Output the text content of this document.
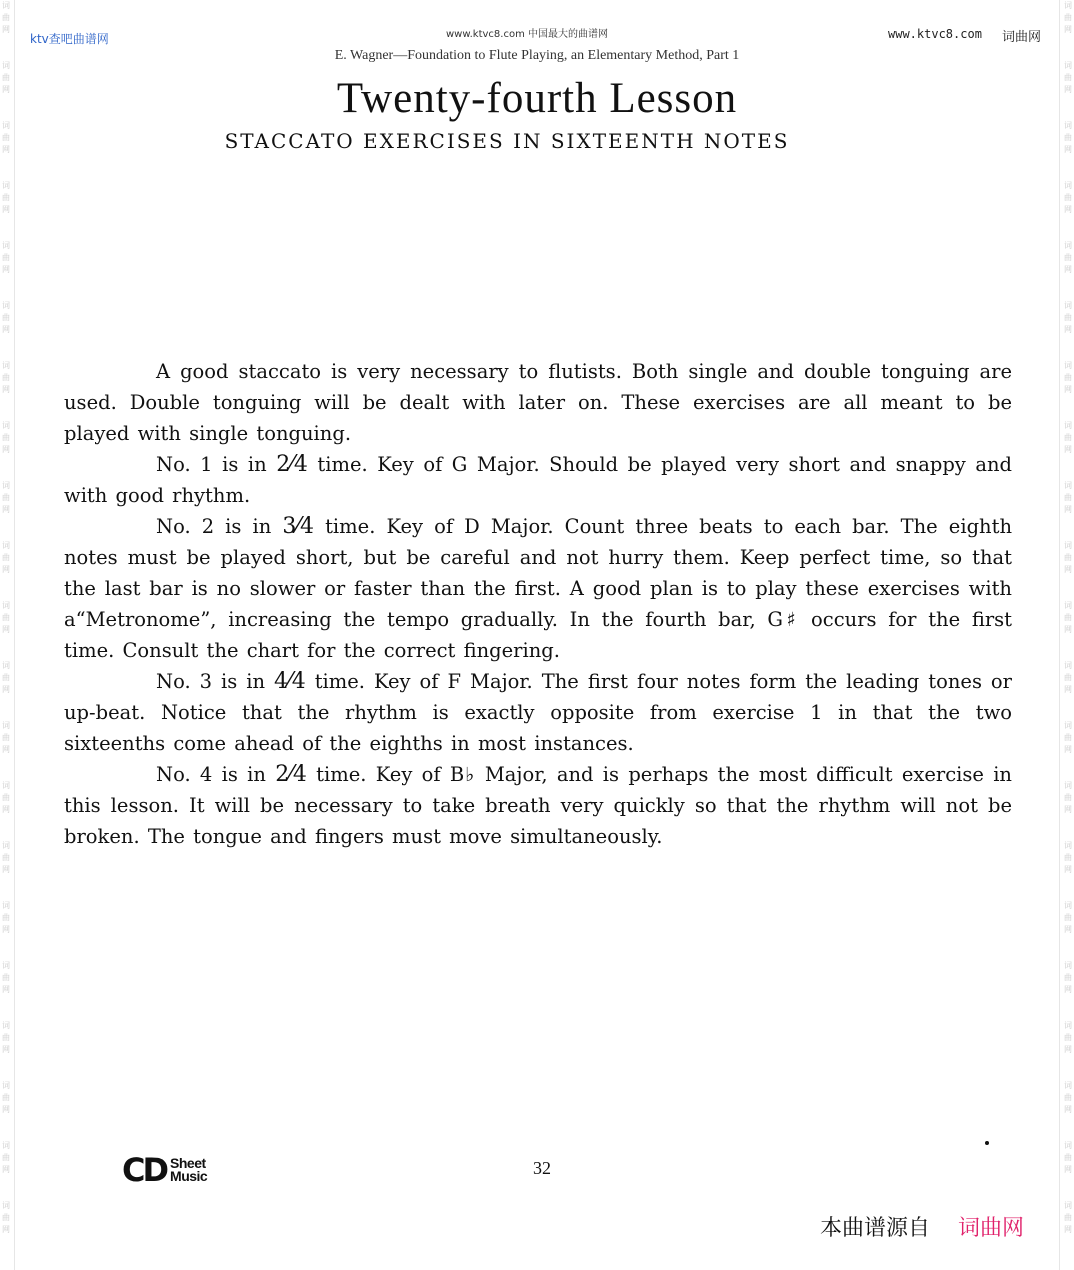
词
曲
网
词
曲
网
词
曲
网
词
曲
网
词
曲
网
词
曲
网
词
曲
网
词
曲
网
词
曲
网
词
曲
网
词
曲
网
词
曲
网
词
曲
网
词
曲
网
词
曲
网
词
曲
网
词
曲
网
词
曲
网
词
曲
网
词
曲
网
词
曲
网
词
曲
网
词
曲
网
词
曲
网
词
曲
网
词
曲
网
词
曲
网
词
曲
网
词
曲
网
词
曲
网
词
曲
网
词
曲
网
词
曲
网
词
曲
网
词
曲
网
词
曲
网
词
曲
网
词
曲
网
词
曲
网
词
曲
网
词
曲
网
词
曲
网
ktv查吧曲谱网	www.ktvc8.com 中国最大的曲谱网	www.ktvc8.com 词曲网
E. Wagner—Foundation to Flute Playing, an Elementary Method, Part 1
Twenty-fourth Lesson
STACCATO EXERCISES IN SIXTEENTH NOTES

A good staccato is very necessary to flutists. Both single and double tonguing are used. Double tonguing will be dealt with later on. These exercises are all meant to be played with single tonguing.

No. 1 is in 2⁄4 time. Key of G Major. Should be played very short and snappy and with good rhythm.

No. 2 is in 3⁄4 time. Key of D Major. Count three beats to each bar. The eighth notes must be played short, but be careful and not hurry them. Keep perfect time, so that the last bar is no slower or faster than the first. A good plan is to play these exercises with a“Metronome”, increasing the tempo gradually. In the fourth bar, G♯ occurs for the first time. Consult the chart for the correct fingering.

No. 3 is in 4⁄4 time. Key of F Major. The first four notes form the leading tones or up-beat. Notice that the rhythm is exactly opposite from exercise 1 in that the two sixteenths come ahead of the eighths in most instances.

No. 4 is in 2⁄4 time. Key of B♭ Major, and is perhaps the most difficult exercise in this lesson. It will be necessary to take breath very quickly so that the rhythm will not be broken. The tongue and fingers must move simultaneously.

CD Sheet
Music	32
本曲谱源自 词曲网
